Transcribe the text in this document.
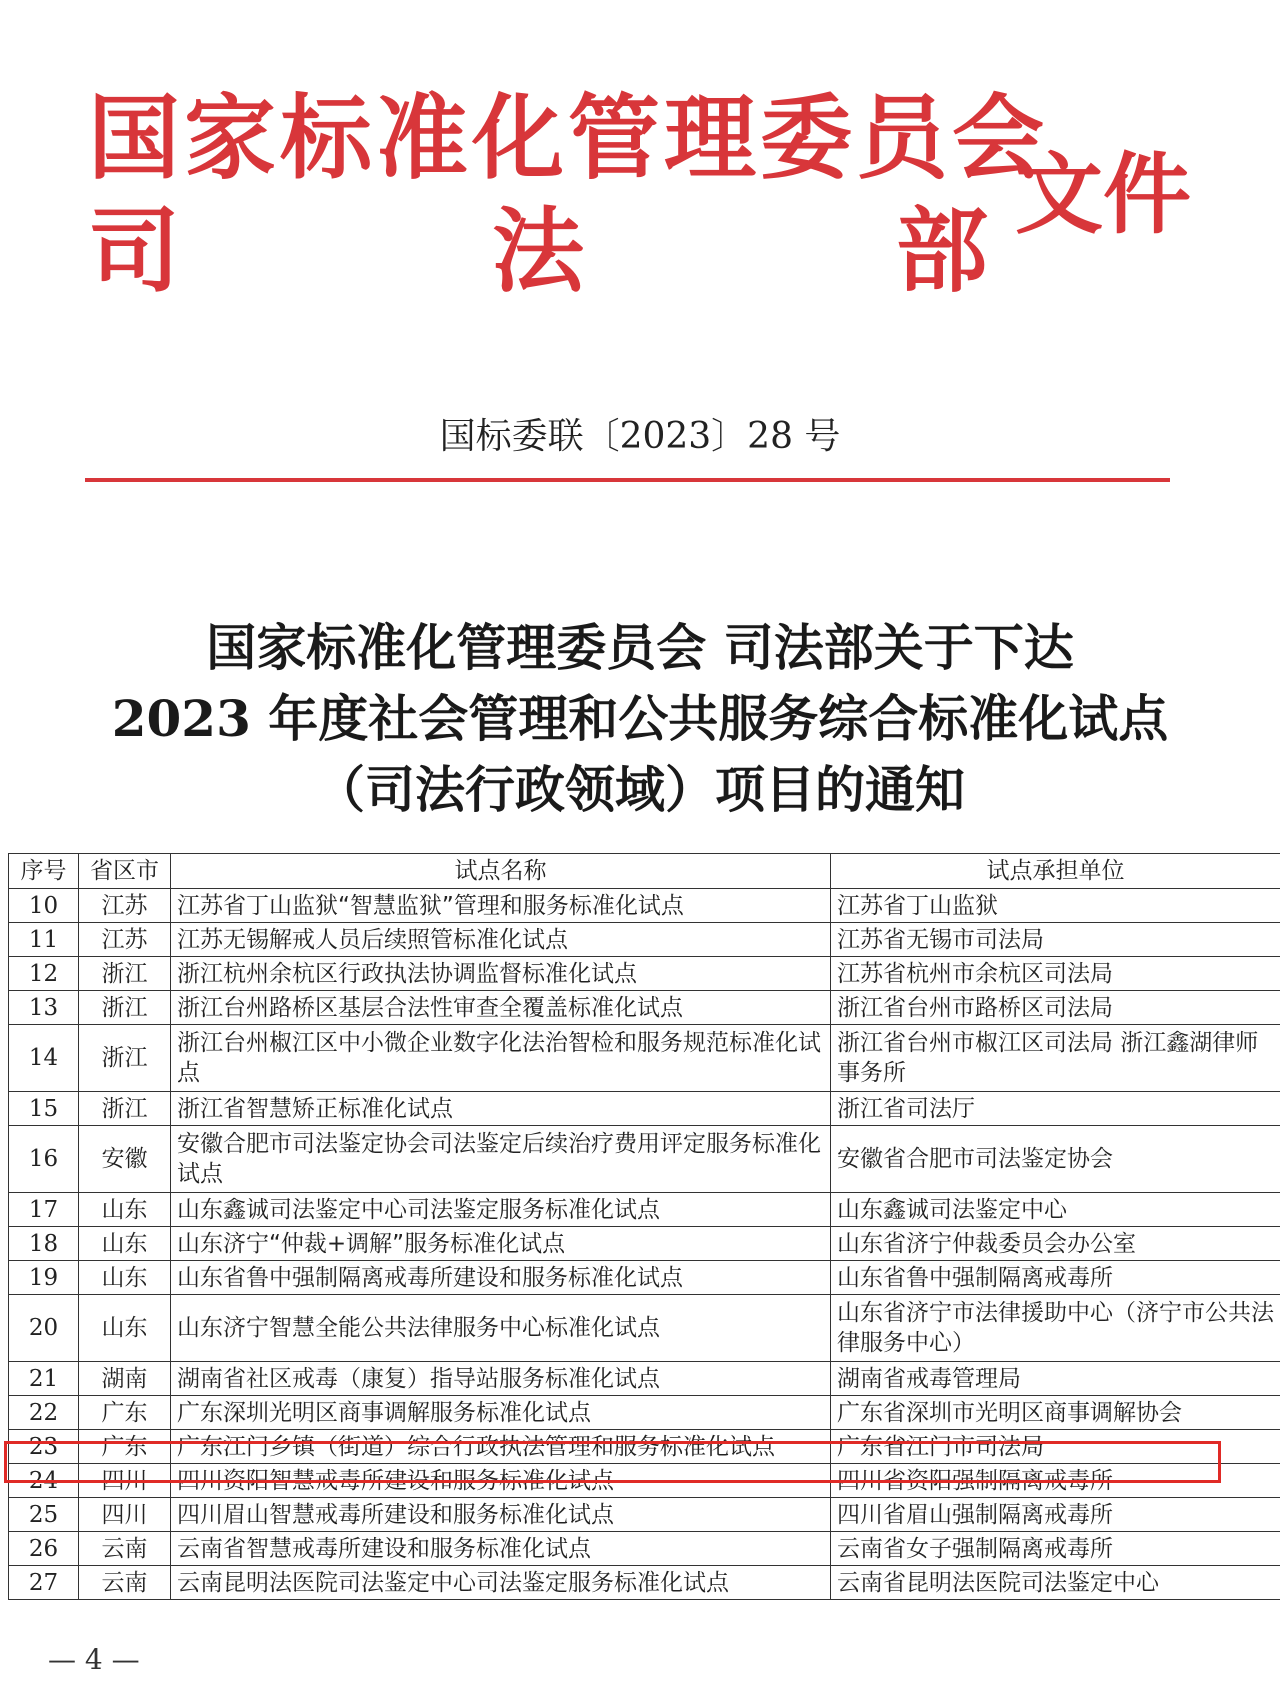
国家标准化管理委员会
司	法	部
文件
国标委联〔2023〕28 号
国家标准化管理委员会 司法部关于下达
2023 年度社会管理和公共服务综合标准化试点
（司法行政领域）项目的通知
序号	省区市	试点名称	试点承担单位
10	江苏	江苏省丁山监狱“智慧监狱”管理和服务标准化试点	江苏省丁山监狱
11	江苏	江苏无锡解戒人员后续照管标准化试点	江苏省无锡市司法局
12	浙江	浙江杭州余杭区行政执法协调监督标准化试点	江苏省杭州市余杭区司法局
13	浙江	浙江台州路桥区基层合法性审查全覆盖标准化试点	浙江省台州市路桥区司法局
14	浙江	浙江台州椒江区中小微企业数字化法治智检和服务规范标准化试点	浙江省台州市椒江区司法局 浙江鑫湖律师事务所
15	浙江	浙江省智慧矫正标准化试点	浙江省司法厅
16	安徽	安徽合肥市司法鉴定协会司法鉴定后续治疗费用评定服务标准化试点	安徽省合肥市司法鉴定协会
17	山东	山东鑫诚司法鉴定中心司法鉴定服务标准化试点	山东鑫诚司法鉴定中心
18	山东	山东济宁“仲裁+调解”服务标准化试点	山东省济宁仲裁委员会办公室
19	山东	山东省鲁中强制隔离戒毒所建设和服务标准化试点	山东省鲁中强制隔离戒毒所
20	山东	山东济宁智慧全能公共法律服务中心标准化试点	山东省济宁市法律援助中心（济宁市公共法律服务中心）
21	湖南	湖南省社区戒毒（康复）指导站服务标准化试点	湖南省戒毒管理局
22	广东	广东深圳光明区商事调解服务标准化试点	广东省深圳市光明区商事调解协会
23	广东	广东江门乡镇（街道）综合行政执法管理和服务标准化试点	广东省江门市司法局
24	四川	四川资阳智慧戒毒所建设和服务标准化试点	四川省资阳强制隔离戒毒所
25	四川	四川眉山智慧戒毒所建设和服务标准化试点	四川省眉山强制隔离戒毒所
26	云南	云南省智慧戒毒所建设和服务标准化试点	云南省女子强制隔离戒毒所
27	云南	云南昆明法医院司法鉴定中心司法鉴定服务标准化试点	云南省昆明法医院司法鉴定中心
— 4 —
